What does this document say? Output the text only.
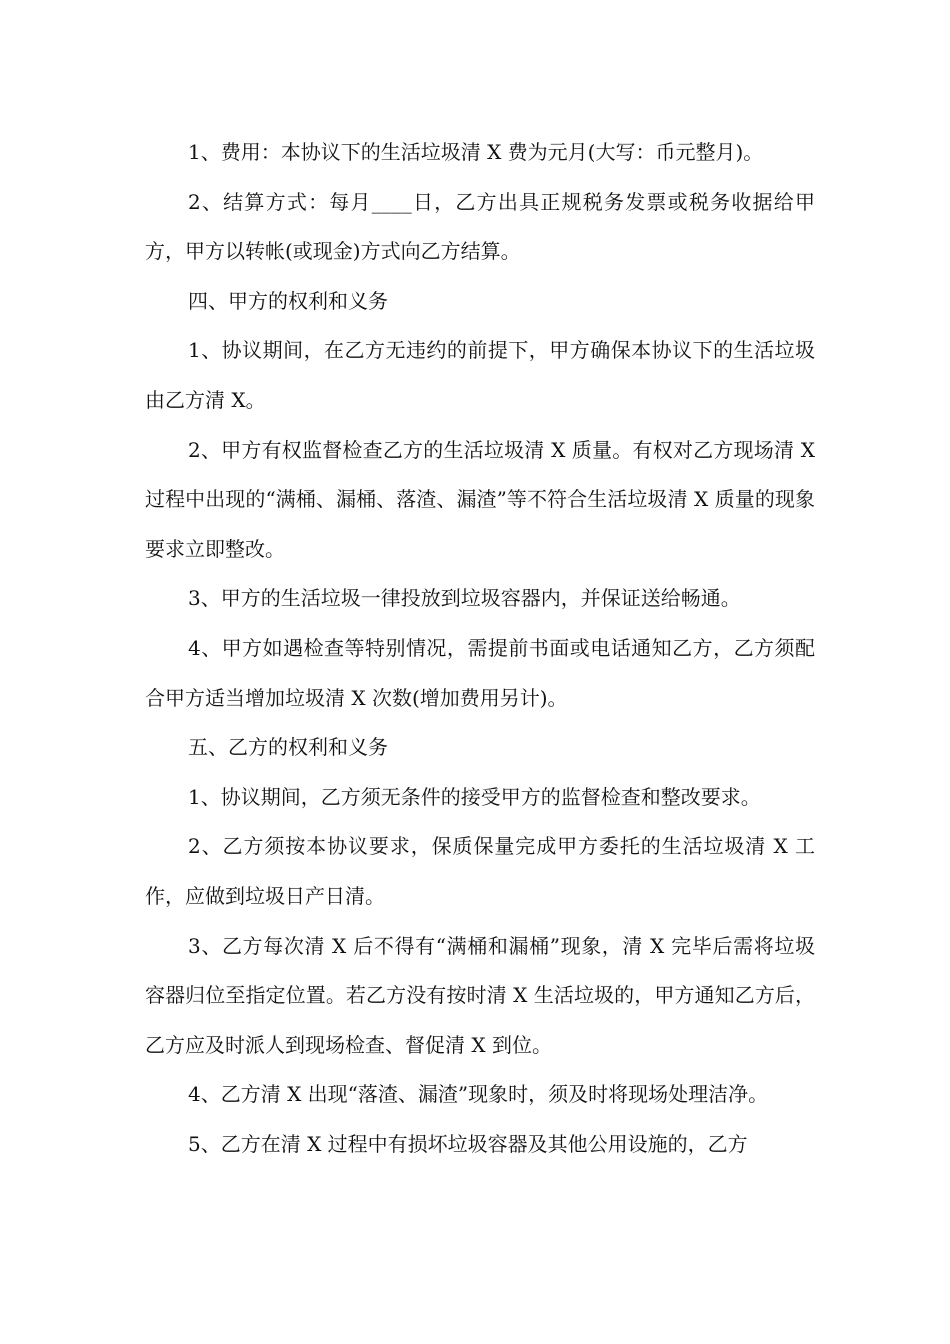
1、费用：本协议下的生活垃圾清 X 费为元月(大写：币元整月)。

2、结算方式：每月____日，乙方出具正规税务发票或税务收据给甲方，甲方以转帐(或现金)方式向乙方结算。

四、甲方的权利和义务

1、协议期间，在乙方无违约的前提下，甲方确保本协议下的生活垃圾由乙方清 X。

2、甲方有权监督检查乙方的生活垃圾清 X 质量。有权对乙方现场清 X 过程中出现的“满桶、漏桶、落渣、漏渣”等不符合生活垃圾清 X 质量的现象要求立即整改。

3、甲方的生活垃圾一律投放到垃圾容器内，并保证送给畅通。

4、甲方如遇检查等特别情况，需提前书面或电话通知乙方，乙方须配合甲方适当增加垃圾清 X 次数(增加费用另计)。

五、乙方的权利和义务

1、协议期间，乙方须无条件的接受甲方的监督检查和整改要求。

2、乙方须按本协议要求，保质保量完成甲方委托的生活垃圾清 X 工作，应做到垃圾日产日清。

3、乙方每次清 X 后不得有“满桶和漏桶”现象，清 X 完毕后需将垃圾容器归位至指定位置。若乙方没有按时清 X 生活垃圾的，甲方通知乙方后，乙方应及时派人到现场检查、督促清 X 到位。

4、乙方清 X 出现“落渣、漏渣”现象时，须及时将现场处理洁净。

5、乙方在清 X 过程中有损坏垃圾容器及其他公用设施的，乙方
